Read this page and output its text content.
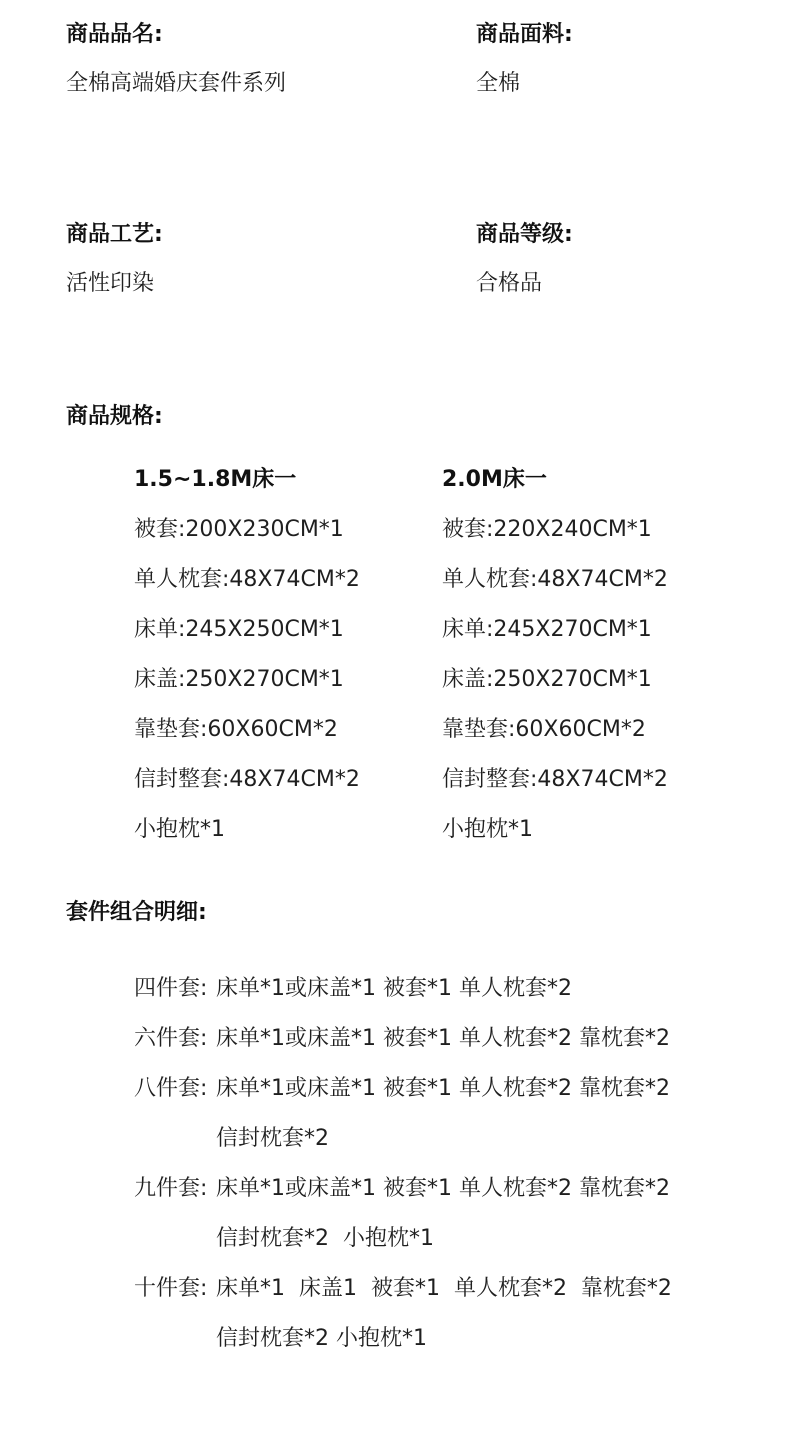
商品品名:
全棉高端婚庆套件系列
商品面料:
全棉
商品工艺:
活性印染
商品等级:
合格品
商品规格:
1.5~1.8M床一
被套:200X230CM*1
单人枕套:48X74CM*2
床单:245X250CM*1
床盖:250X270CM*1
靠垫套:60X60CM*2
信封整套:48X74CM*2
小抱枕*1
2.0M床一
被套:220X240CM*1
单人枕套:48X74CM*2
床单:245X270CM*1
床盖:250X270CM*1
靠垫套:60X60CM*2
信封整套:48X74CM*2
小抱枕*1
套件组合明细:
四件套: 床单*1或床盖*1 被套*1 单人枕套*2
六件套: 床单*1或床盖*1 被套*1 单人枕套*2 靠枕套*2
八件套: 床单*1或床盖*1 被套*1 单人枕套*2 靠枕套*2
信封枕套*2
九件套: 床单*1或床盖*1 被套*1 单人枕套*2 靠枕套*2
信封枕套*2  小抱枕*1
十件套: 床单*1  床盖1  被套*1  单人枕套*2  靠枕套*2
信封枕套*2 小抱枕*1
